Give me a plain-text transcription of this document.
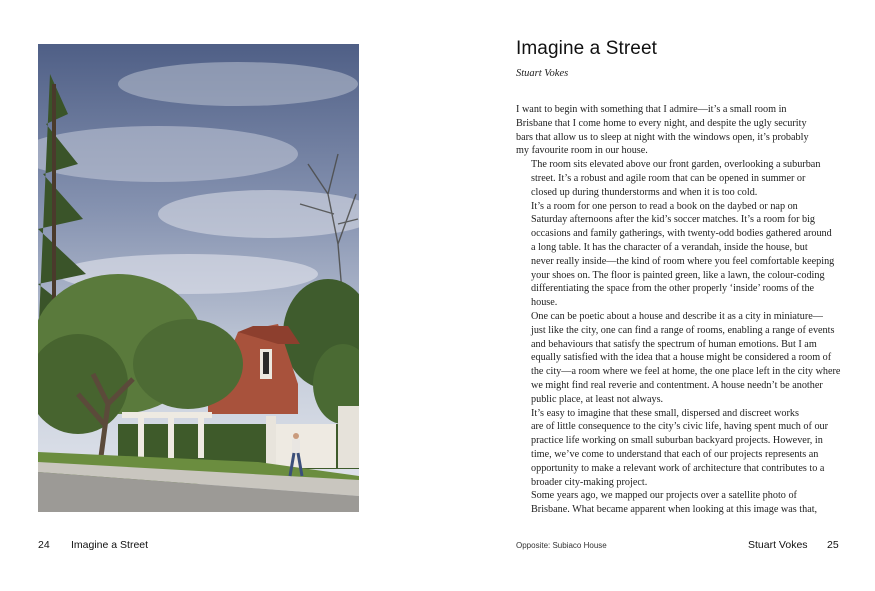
Imagine a Street
Stuart Vokes

I want to begin with something that I admire—it’s a small room in
Brisbane that I come home to every night, and despite the ugly security
bars that allow us to sleep at night with the windows open, it’s probably
my favourite room in our house.

The room sits elevated above our front garden, overlooking a suburban
street. It’s a robust and agile room that can be opened in summer or
closed up during thunderstorms and when it is too cold.

It’s a room for one person to read a book on the daybed or nap on
Saturday afternoons after the kid’s soccer matches. It’s a room for big
occasions and family gatherings, with twenty-odd bodies gathered around
a long table. It has the character of a verandah, inside the house, but
never really inside—the kind of room where you feel comfortable keeping
your shoes on. The floor is painted green, like a lawn, the colour-coding
differentiating the space from the other properly ‘inside’ rooms of the
house.

One can be poetic about a house and describe it as a city in miniature—
just like the city, one can find a range of rooms, enabling a range of events
and behaviours that satisfy the spectrum of human emotions. But I am
equally satisfied with the idea that a house might be considered a room of
the city—a room where we feel at home, the one place left in the city where
we might find real reverie and contentment. A house needn’t be another
public place, at least not always.

It’s easy to imagine that these small, dispersed and discreet works
are of little consequence to the city’s civic life, having spent much of our
practice life working on small suburban backyard projects. However, in
time, we’ve come to understand that each of our projects represents an
opportunity to make a relevant work of architecture that contributes to a
broader city-making project.

Some years ago, we mapped our projects over a satellite photo of
Brisbane. What became apparent when looking at this image was that,

24 Imagine a Street	Opposite: Subiaco House	Stuart Vokes 25
